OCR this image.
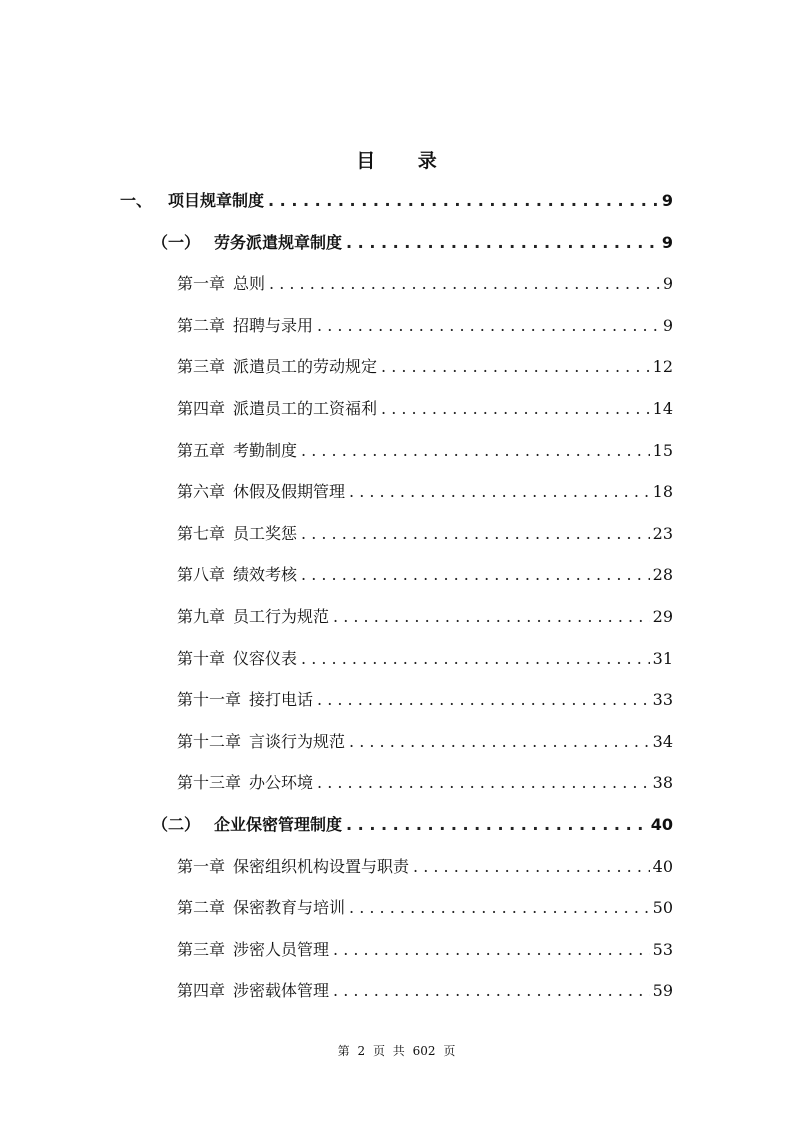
目 录
一、 项目规章制度 . . .	9
（一） 劳务派遣规章制度 . . .	9
第一章 总则 . . .	9
第二章 招聘与录用 . . .	9
第三章 派遣员工的劳动规定 . . .	12
第四章 派遣员工的工资福利 . . .	14
第五章 考勤制度 . . .	15
第六章 休假及假期管理 . . .	18
第七章 员工奖惩 . . .	23
第八章 绩效考核 . . .	28
第九章 员工行为规范 . . .	29
第十章 仪容仪表 . . .	31
第十一章 接打电话 . . .	33
第十二章 言谈行为规范 . . .	34
第十三章 办公环境 . . .	38
（二） 企业保密管理制度 . . .	40
第一章 保密组织机构设置与职责 . . .	40
第二章 保密教育与培训 . . .	50
第三章 涉密人员管理 . . .	53
第四章 涉密载体管理 . . .	59
第 2 页 共 602 页
